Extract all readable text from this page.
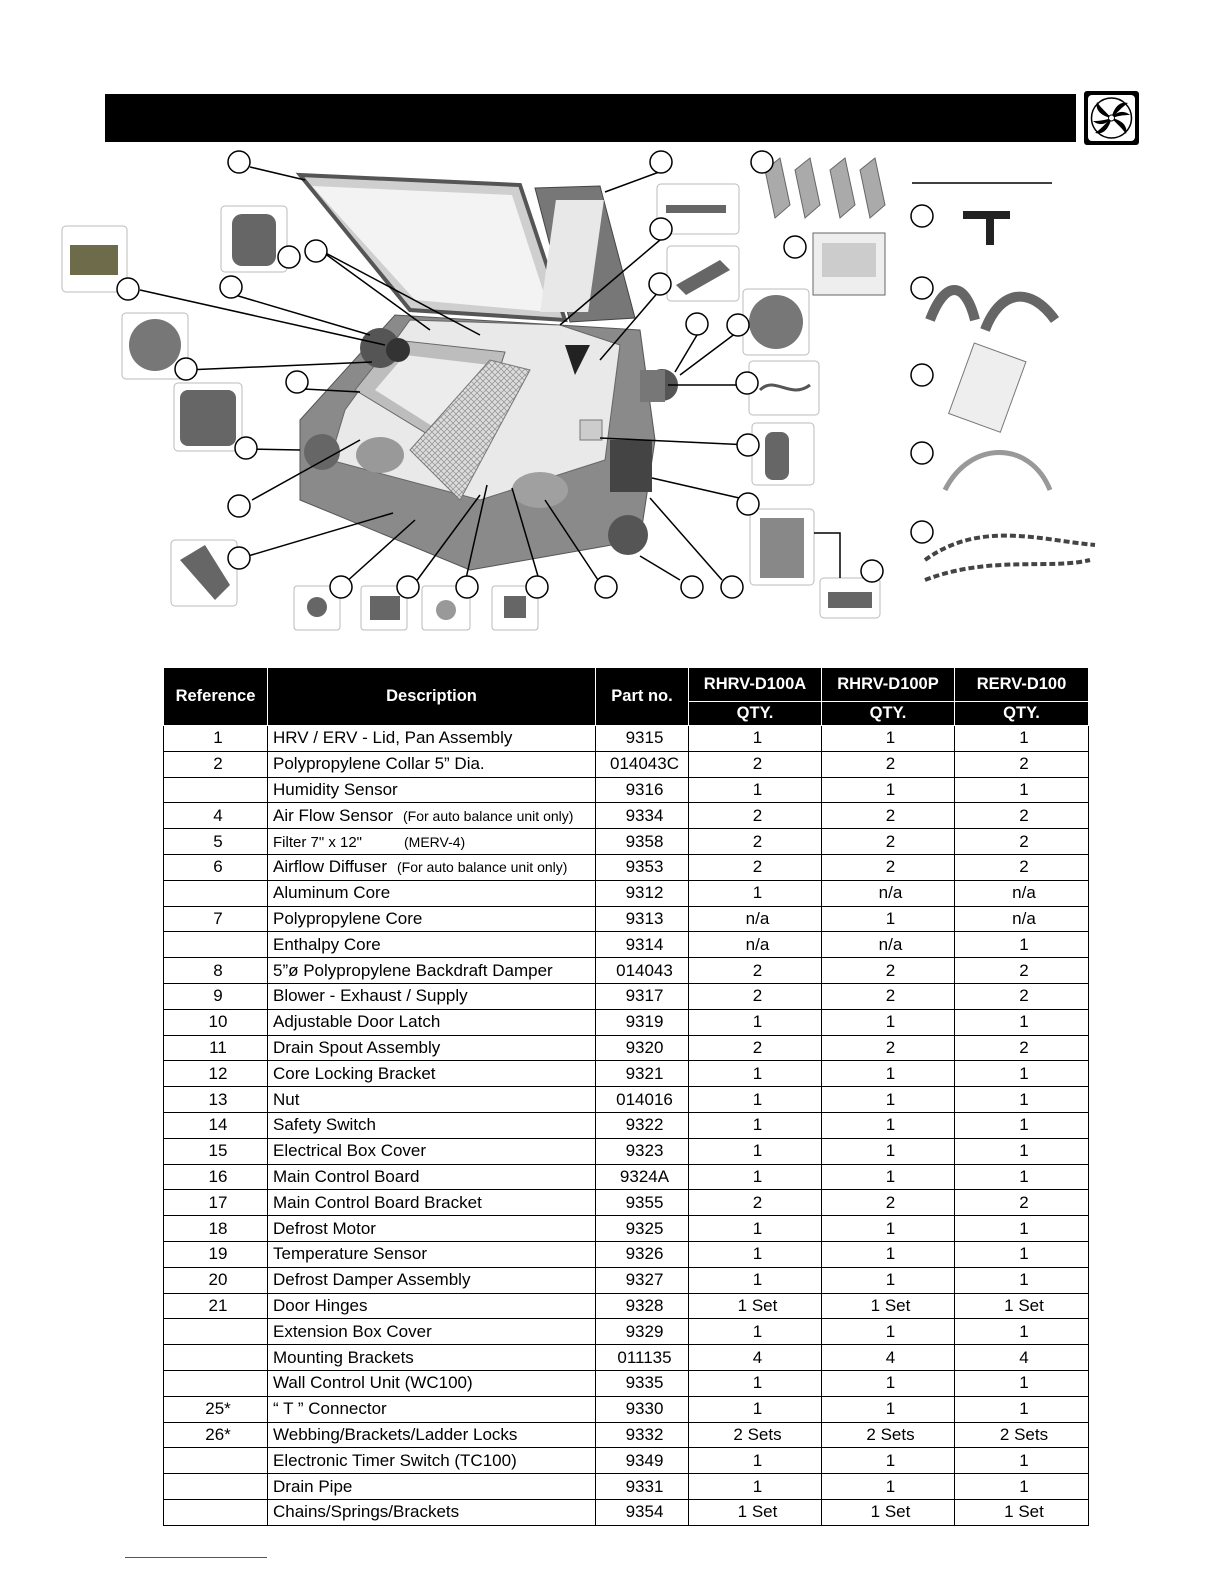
Reference	Description	Part no.	RHRV-D100A	RHRV-D100P	RERV-D100
			QTY.	QTY.	QTY.
1	HRV / ERV - Lid, Pan Assembly	9315	1	1	1
2	Polypropylene Collar 5” Dia.	014043C	2	2	2
	Humidity Sensor	9316	1	1	1
4	Air Flow Sensor (For auto balance unit only)	9334	2	2	2
5	Filter 7" x 12" (MERV-4)	9358	2	2	2
6	Airflow Diffuser (For auto balance unit only)	9353	2	2	2
	Aluminum Core	9312	1	n/a	n/a
7	Polypropylene Core	9313	n/a	1	n/a
	Enthalpy Core	9314	n/a	n/a	1
8	5”ø Polypropylene Backdraft Damper	014043	2	2	2
9	Blower - Exhaust / Supply	9317	2	2	2
10	Adjustable Door Latch	9319	1	1	1
11	Drain Spout Assembly	9320	2	2	2
12	Core Locking Bracket	9321	1	1	1
13	Nut	014016	1	1	1
14	Safety Switch	9322	1	1	1
15	Electrical Box Cover	9323	1	1	1
16	Main Control Board	9324A	1	1	1
17	Main Control Board Bracket	9355	2	2	2
18	Defrost Motor	9325	1	1	1
19	Temperature Sensor	9326	1	1	1
20	Defrost Damper Assembly	9327	1	1	1
21	Door Hinges	9328	1 Set	1 Set	1 Set
	Extension Box Cover	9329	1	1	1
	Mounting Brackets	011135	4	4	4
	Wall Control Unit (WC100)	9335	1	1	1
25*	“ T ” Connector	9330	1	1	1
26*	Webbing/Brackets/Ladder Locks	9332	2 Sets	2 Sets	2 Sets
	Electronic Timer Switch (TC100)	9349	1	1	1
	Drain Pipe	9331	1	1	1
	Chains/Springs/Brackets	9354	1 Set	1 Set	1 Set
